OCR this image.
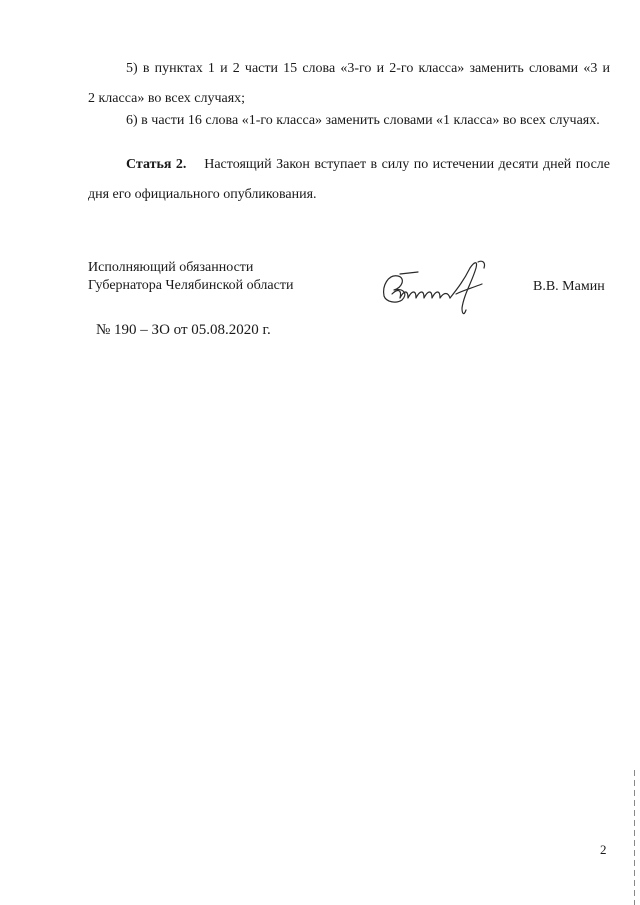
5) в пунктах 1 и 2 части 15 слова «3-го и 2-го класса» заменить словами «3 и
2 класса» во всех случаях;
6) в части 16 слова «1-го класса» заменить словами «1 класса» во всех случаях.
Статья 2. Настоящий Закон вступает в силу по истечении десяти дней после
дня его официального опубликования.
Исполняющий обязанности
Губернатора Челябинской области	В.В. Мамин
№ 190 – ЗО от 05.08.2020 г.
2
